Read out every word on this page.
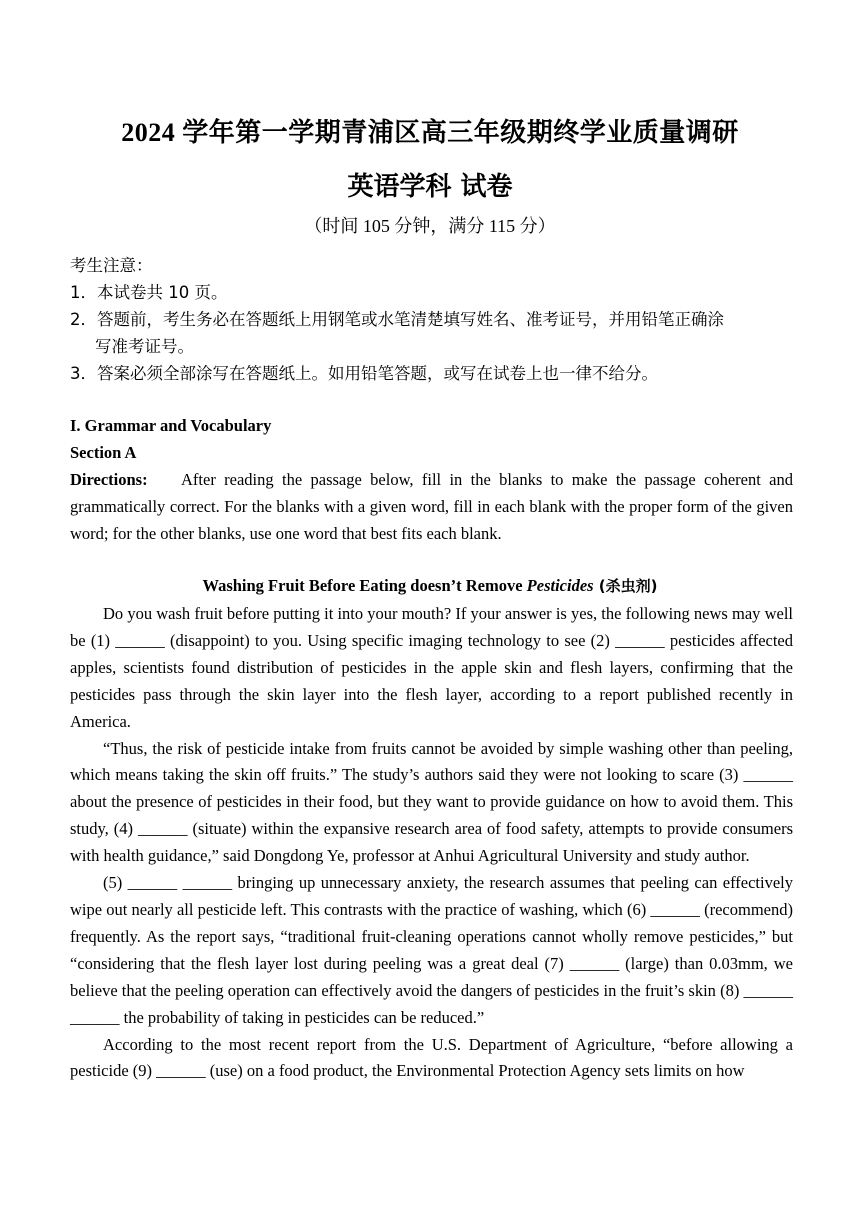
2024 学年第一学期青浦区高三年级期终学业质量调研
英语学科 试卷
（时间 105 分钟，满分 115 分）
考生注意：
1．本试卷共 10 页。
2．答题前，考生务必在答题纸上用钢笔或水笔清楚填写姓名、准考证号，并用铅笔正确涂
写准考证号。
3．答案必须全部涂写在答题纸上。如用铅笔答题，或写在试卷上也一律不给分。
I. Grammar and Vocabulary
Section A
Directions: After reading the passage below, fill in the blanks to make the passage coherent and grammatically correct. For the blanks with a given word, fill in each blank with the proper form of the given word; for the other blanks, use one word that best fits each blank.
Washing Fruit Before Eating doesn’t Remove Pesticides (杀虫剂)

Do you wash fruit before putting it into your mouth? If your answer is yes, the following news may well be (1) ______ (disappoint) to you. Using specific imaging technology to see (2) ______ pesticides affected apples, scientists found distribution of pesticides in the apple skin and flesh layers, confirming that the pesticides pass through the skin layer into the flesh layer, according to a report published recently in America.

“Thus, the risk of pesticide intake from fruits cannot be avoided by simple washing other than peeling, which means taking the skin off fruits.” The study’s authors said they were not looking to scare (3) ______ about the presence of pesticides in their food, but they want to provide guidance on how to avoid them. This study, (4) ______ (situate) within the expansive research area of food safety, attempts to provide consumers with health guidance,” said Dongdong Ye, professor at Anhui Agricultural University and study author.

(5) ______ ______ bringing up unnecessary anxiety, the research assumes that peeling can effectively wipe out nearly all pesticide left. This contrasts with the practice of washing, which (6) ______ (recommend) frequently. As the report says, “traditional fruit-cleaning operations cannot wholly remove pesticides,” but “considering that the flesh layer lost during peeling was a great deal (7) ______ (large) than 0.03mm, we believe that the peeling operation can effectively avoid the dangers of pesticides in the fruit’s skin (8) ______ ______ the probability of taking in pesticides can be reduced.”

According to the most recent report from the U.S. Department of Agriculture, “before allowing a pesticide (9) ______ (use) on a food product, the Environmental Protection Agency sets limits on how
